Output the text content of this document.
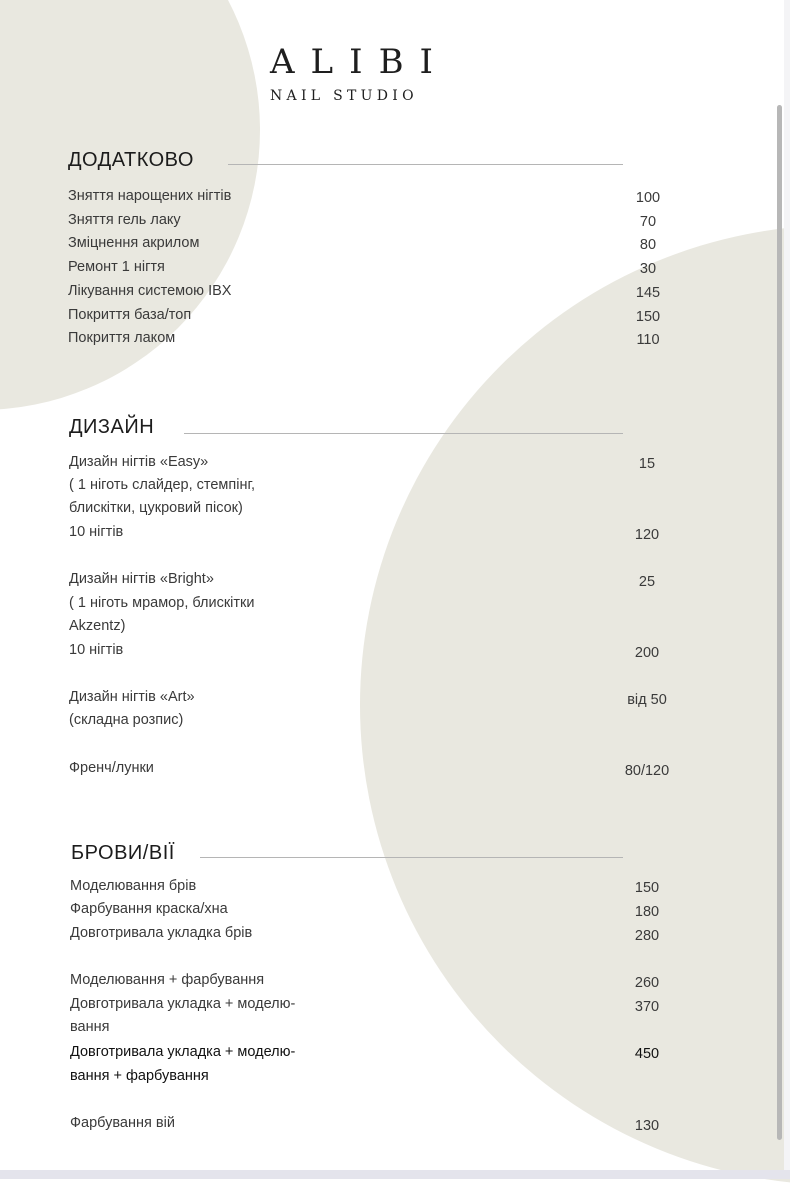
ALIBI
NAIL STUDIO
ДОДАТКОВО
Зняття нарощених нігтів	100
Зняття гель лаку	70
Зміцнення акрилом	80
Ремонт 1 нігтя	30
Лікування системою IBX	145
Покриття база/топ	150
Покриття лаком	110
ДИЗАЙН
Дизайн нігтів «Easy»	15
( 1 ніготь слайдер, стемпінг,
блискітки, цукровий пісок)
10 нігтів	120
Дизайн нігтів «Bright»	25
( 1 ніготь мрамор, блискітки
Akzentz)
10 нігтів	200
Дизайн нігтів «Art»	від 50
(складна розпис)
Френч/лунки	80/120
БРОВИ/ВІЇ
Моделювання брів	150
Фарбування краска/хна	180
Довготривала укладка брів	280
Моделювання + фарбування	260
Довготривала укладка + моделю-	370
вання
Довготривала укладка + моделю-	450
вання + фарбування
Фарбування вій	130
